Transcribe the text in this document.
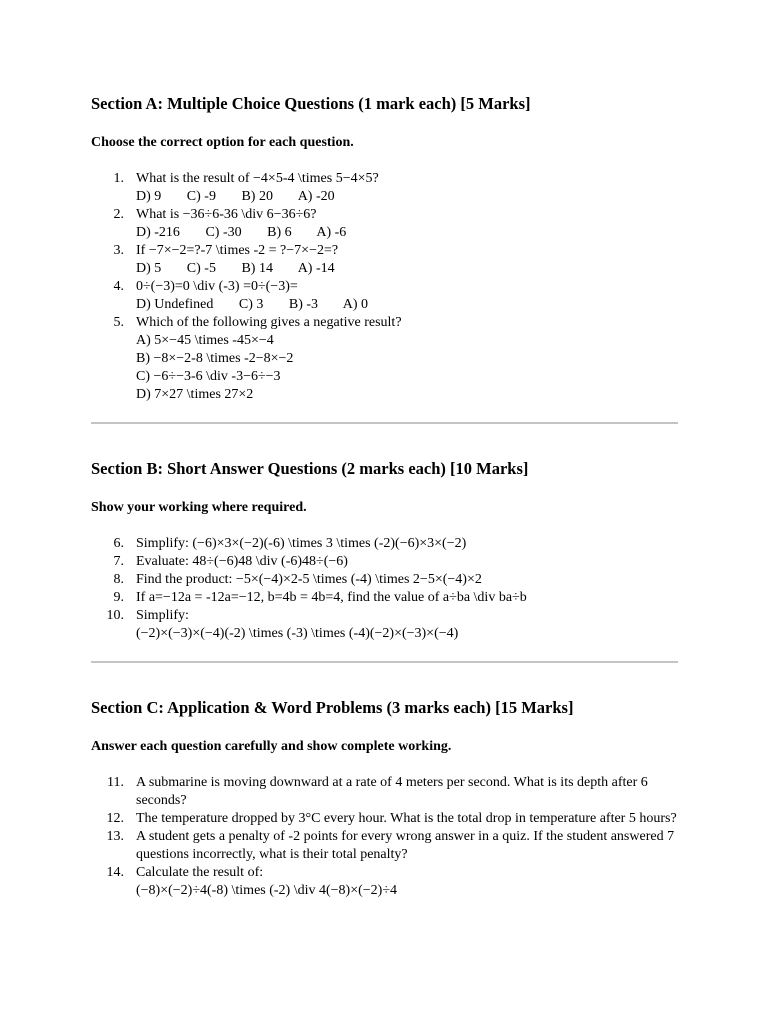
Section A: Multiple Choice Questions (1 mark each) [5 Marks]

Choose the correct option for each question.

1. What is the result of −4×5-4 \times 5−4×5?
D) 9 C) -9 B) 20 A) -20
2. What is −36÷6-36 \div 6−36÷6?
D) -216 C) -30 B) 6 A) -6
3. If −7×−2=?-7 \times -2 = ?−7×−2=?
D) 5 C) -5 B) 14 A) -14
4. 0÷(−3)=0 \div (-3) =0÷(−3)=
D) Undefined C) 3 B) -3 A) 0
5. Which of the following gives a negative result?
A) 5×−45 \times -45×−4
B) −8×−2-8 \times -2−8×−2
C) −6÷−3-6 \div -3−6÷−3
D) 7×27 \times 27×2
Section B: Short Answer Questions (2 marks each) [10 Marks]

Show your working where required.

6. Simplify: (−6)×3×(−2)(-6) \times 3 \times (-2)(−6)×3×(−2)
7. Evaluate: 48÷(−6)48 \div (-6)48÷(−6)
8. Find the product: −5×(−4)×2-5 \times (-4) \times 2−5×(−4)×2
9. If a=−12a = -12a=−12, b=4b = 4b=4, find the value of a÷ba \div ba÷b
10. Simplify:
(−2)×(−3)×(−4)(-2) \times (-3) \times (-4)(−2)×(−3)×(−4)
Section C: Application & Word Problems (3 marks each) [15 Marks]

Answer each question carefully and show complete working.

11. A submarine is moving downward at a rate of 4 meters per second. What is its depth after 6 seconds?
12. The temperature dropped by 3°C every hour. What is the total drop in temperature after 5 hours?
13. A student gets a penalty of -2 points for every wrong answer in a quiz. If the student answered 7 questions incorrectly, what is their total penalty?
14. Calculate the result of:
(−8)×(−2)÷4(-8) \times (-2) \div 4(−8)×(−2)÷4
